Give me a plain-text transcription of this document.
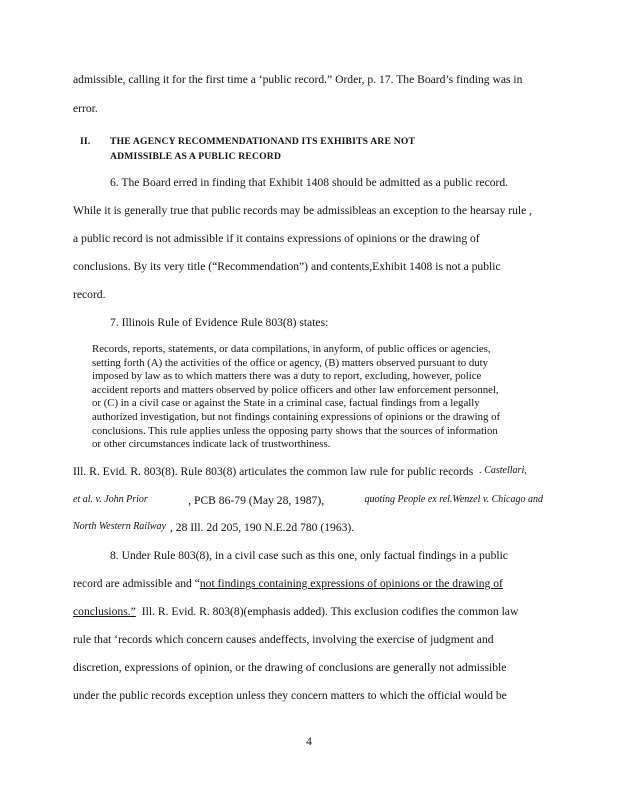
admissible, calling it for the first time a ‘public record.” Order, p. 17. The Board’s finding was in
error.
II. THE AGENCY RECOMMENDATIONAND ITS EXHIBITS ARE NOT
ADMISSIBLE AS A PUBLIC RECORD
6. The Board erred in finding that Exhibit 1408 should be admitted as a public record.
While it is generally true that public records may be admissibleas an exception to the hearsay rule ,
a public record is not admissible if it contains expressions of opinions or the drawing of
conclusions. By its very title (“Recommendation”) and contents,Exhibit 1408 is not a public
record.
7. Illinois Rule of Evidence Rule 803(8) states:
Records, reports, statements, or data compilations, in anyform, of public offices or agencies,
setting forth (A) the activities of the office or agency, (B) matters observed pursuant to duty
imposed by law as to which matters there was a duty to report, excluding, however, police
accident reports and matters observed by police officers and other law enforcement personnel,
or (C) in a civil case or against the State in a criminal case, factual findings from a legally
authorized investigation, but not findings containing expressions of opinions or the drawing of
conclusions. This rule applies unless the opposing party shows that the sources of information
or other circumstances indicate lack of trustworthiness.
Ill. R. Evid. R. 803(8). Rule 803(8) articulates the common law rule for public records . Castellari,
et al. v. John Prior	, PCB 86-79 (May 28, 1987),	quoting People ex rel.Wenzel v. Chicago and
North Western Railway , 28 Ill. 2d 205, 190 N.E.2d 780 (1963).
8. Under Rule 803(8), in a civil case such as this one, only factual findings in a public
record are admissible and “ not findings containing expressions of opinions or the drawing of
conclusions.” Ill. R. Evid. R. 803(8)(emphasis added). This exclusion codifies the common law
rule that ‘records which concern causes andeffects, involving the exercise of judgment and
discretion, expressions of opinion, or the drawing of conclusions are generally not admissible
under the public records exception unless they concern matters to which the official would be
4
